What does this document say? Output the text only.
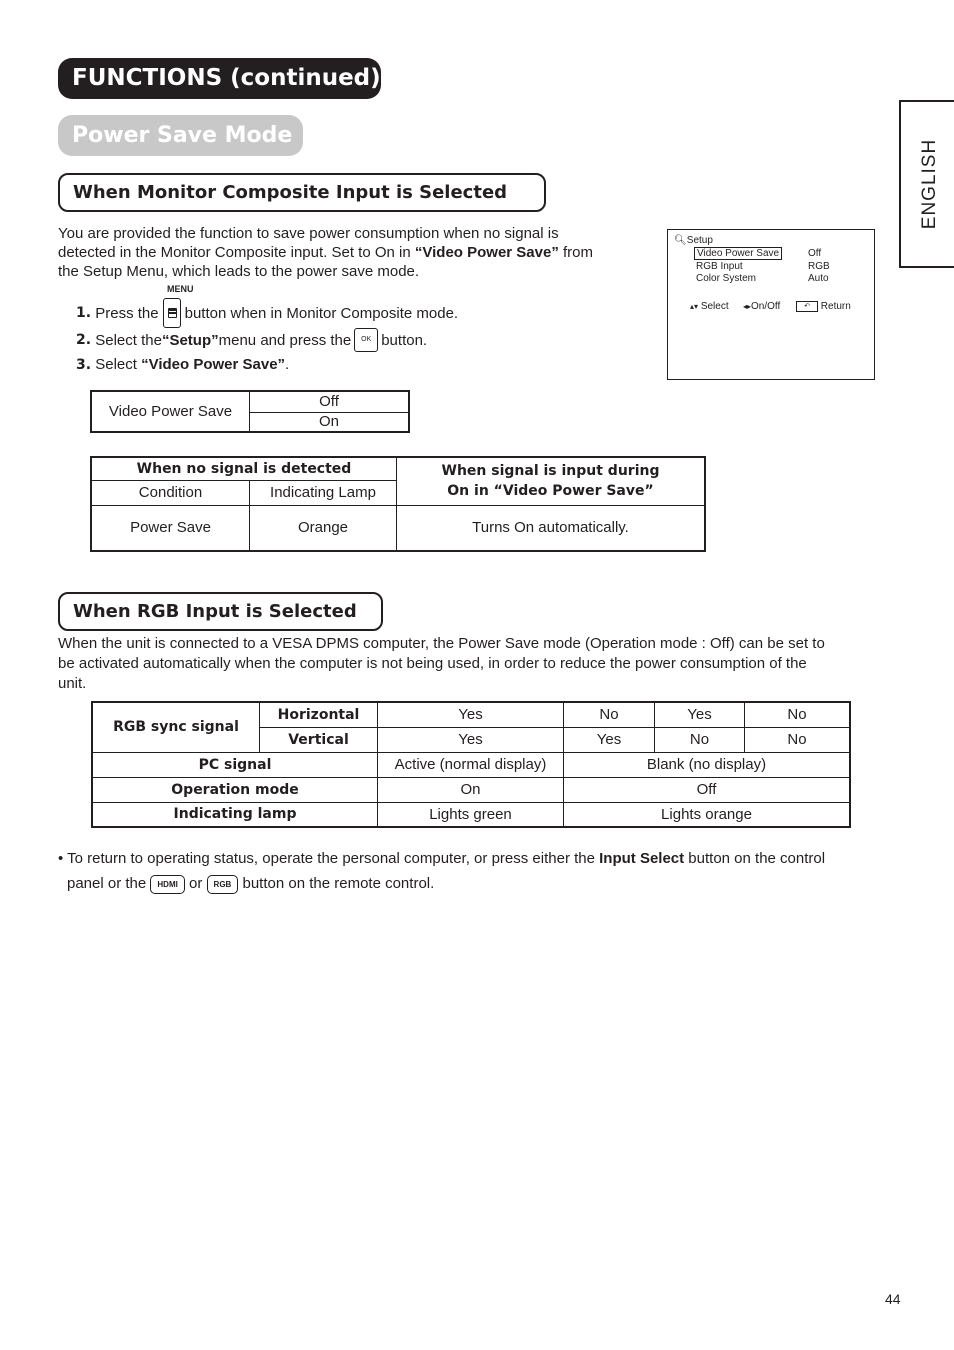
FUNCTIONS (continued)
Power Save Mode
ENGLISH
When Monitor Composite Input is Selected
You are provided the function to save power consumption when no signal is
detected in the Monitor Composite input. Set to On in “Video Power Save” from
the Setup Menu, which leads to the power save mode.
MENU
1.
Press the button when in Monitor Composite mode.
2.
Select the “Setup” menu and press the	OK button.
3. Select “Video Power Save”.
Video Power Save	Off
On
When no signal is detected		When signal is input during
On in “Video Power Save”

Condition	Indicating Lamp	
Power Save	Orange	Turns On automatically.
🔍︎ Setup
Video Power Save	Off
RGB Input	RGB
Color System	Auto
▴▾ Select ◂▸On/Off	↶ Return
When RGB Input is Selected
When the unit is connected to a VESA DPMS computer, the Power Save mode (Operation mode : Off) can be set to
be activated automatically when the computer is not being used, in order to reduce the power consumption of the
unit.
RGB sync signal	Horizontal	Yes	No	Yes	No
	Vertical	Yes	Yes	No	No
PC signal		Active (normal display)	Blank (no display)		
Operation mode		On	Off		
Indicating lamp		Lights green	Lights orange		
• To return to operating status, operate the personal computer, or press either the Input Select button on the control
panel or the HDMI or RGB button on the remote control.
44
